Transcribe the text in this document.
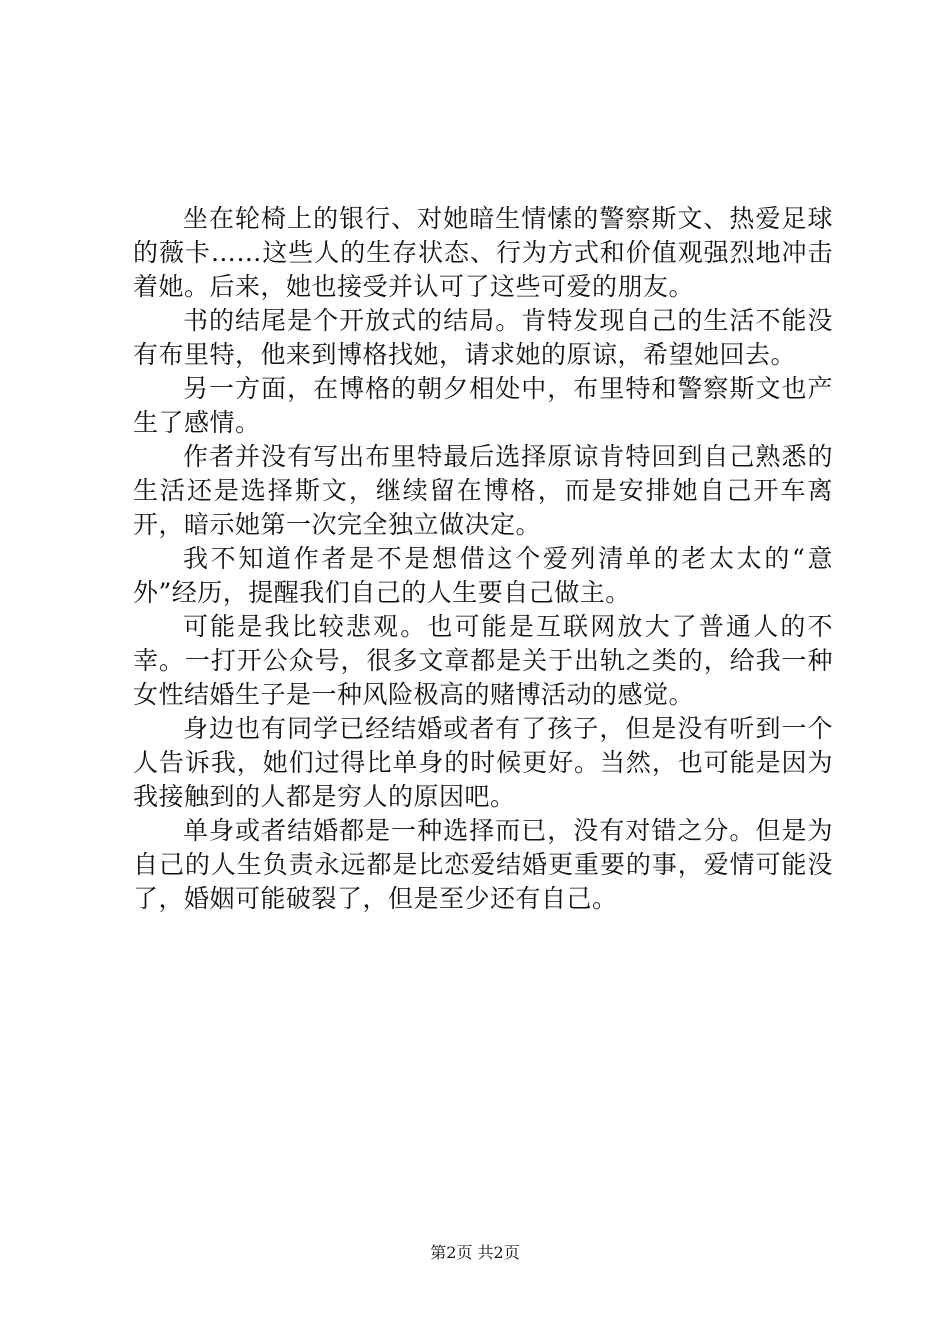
坐在轮椅上的银行、对她暗生情愫的警察斯文、热爱足球的薇卡……这些人的生存状态、行为方式和价值观强烈地冲击着她。后来，她也接受并认可了这些可爱的朋友。

书的结尾是个开放式的结局。肯特发现自己的生活不能没有布里特，他来到博格找她，请求她的原谅，希望她回去。

另一方面，在博格的朝夕相处中，布里特和警察斯文也产生了感情。

作者并没有写出布里特最后选择原谅肯特回到自己熟悉的生活还是选择斯文，继续留在博格，而是安排她自己开车离开，暗示她第一次完全独立做决定。

我不知道作者是不是想借这个爱列清单的老太太的“意外”经历，提醒我们自己的人生要自己做主。

可能是我比较悲观。也可能是互联网放大了普通人的不幸。一打开公众号，很多文章都是关于出轨之类的，给我一种女性结婚生子是一种风险极高的赌博活动的感觉。

身边也有同学已经结婚或者有了孩子，但是没有听到一个人告诉我，她们过得比单身的时候更好。当然，也可能是因为我接触到的人都是穷人的原因吧。

单身或者结婚都是一种选择而已，没有对错之分。但是为自己的人生负责永远都是比恋爱结婚更重要的事，爱情可能没了，婚姻可能破裂了，但是至少还有自己。

第2页 共2页
